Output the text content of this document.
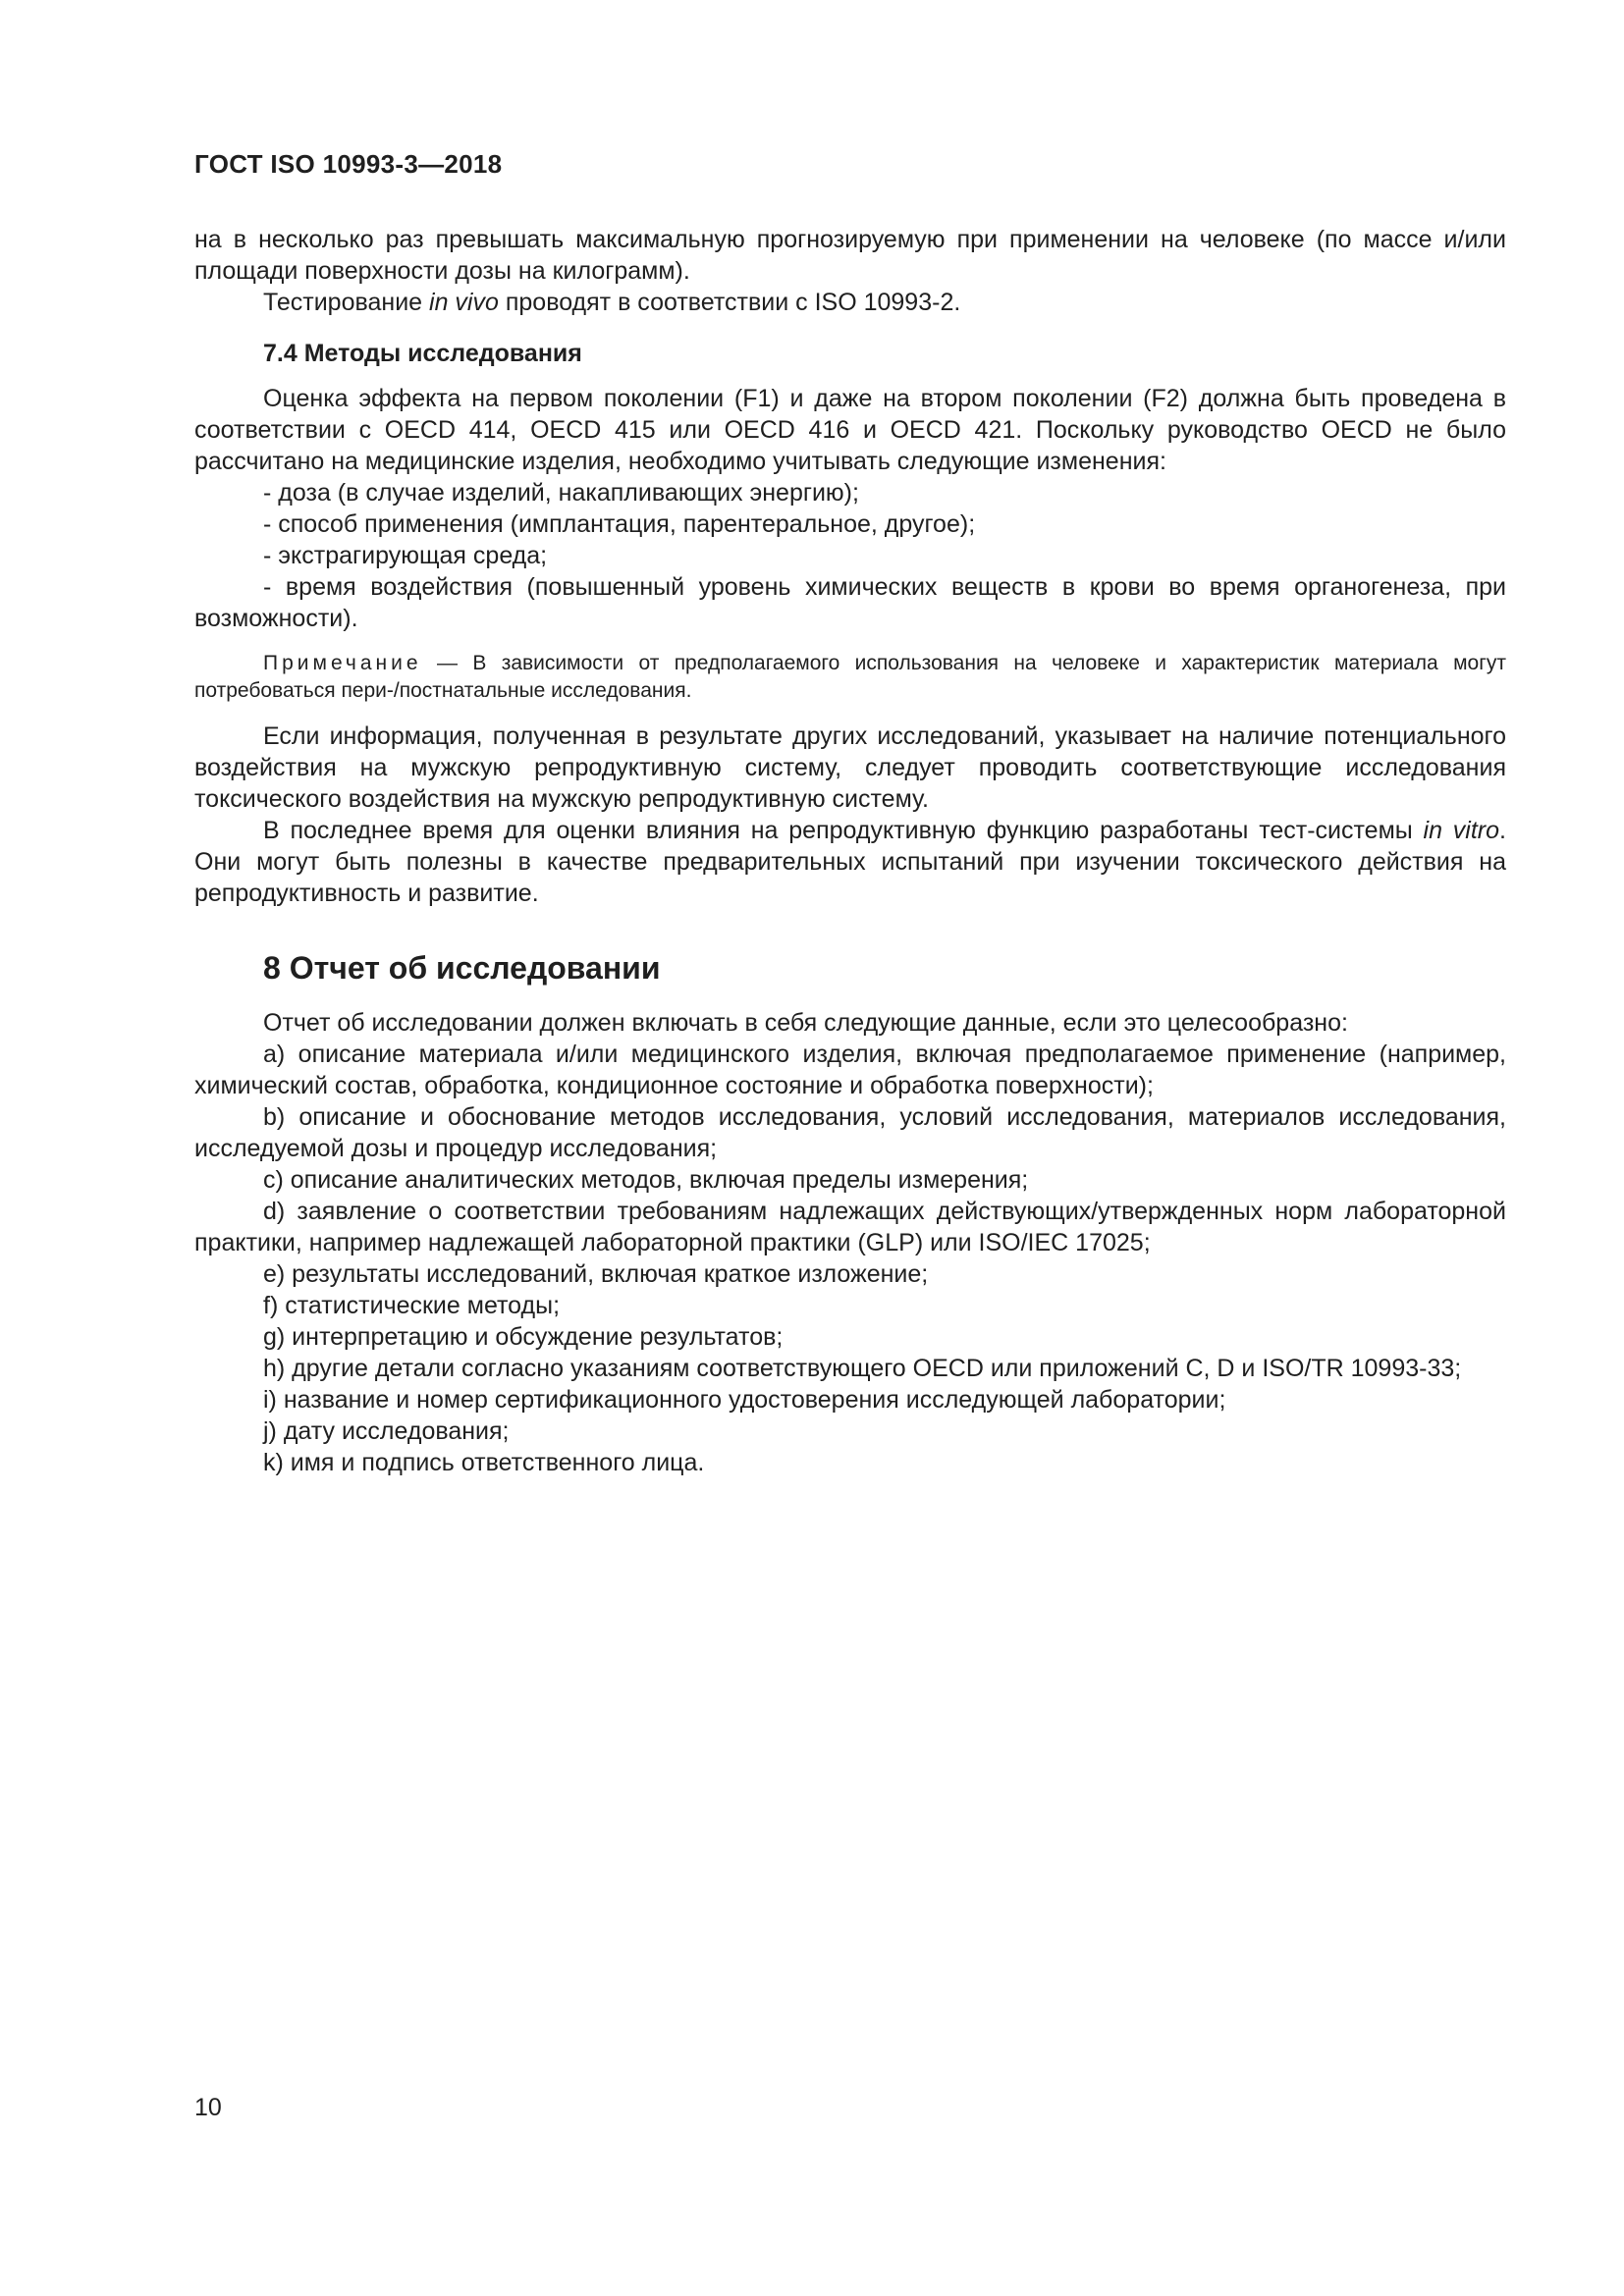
ГОСТ ISO 10993-3—2018

на в несколько раз превышать максимальную прогнозируемую при применении на человеке (по массе и/или площади поверхности дозы на килограмм).

Тестирование in vivo проводят в соответствии с ISO 10993-2.

7.4 Методы исследования

Оценка эффекта на первом поколении (F1) и даже на втором поколении (F2) должна быть проведена в соответствии с OECD 414, OECD 415 или OECD 416 и OECD 421. Поскольку руководство OECD не было рассчитано на медицинские изделия, необходимо учитывать следующие изменения:

- доза (в случае изделий, накапливающих энергию);

- способ применения (имплантация, парентеральное, другое);

- экстрагирующая среда;

- время воздействия (повышенный уровень химических веществ в крови во время органогенеза, при возможности).

Примечание — В зависимости от предполагаемого использования на человеке и характеристик материала могут потребоваться пери-/постнатальные исследования.

Если информация, полученная в результате других исследований, указывает на наличие потенциального воздействия на мужскую репродуктивную систему, следует проводить соответствующие исследования токсического воздействия на мужскую репродуктивную систему.

В последнее время для оценки влияния на репродуктивную функцию разработаны тест-системы in vitro. Они могут быть полезны в качестве предварительных испытаний при изучении токсического действия на репродуктивность и развитие.

8 Отчет об исследовании

Отчет об исследовании должен включать в себя следующие данные, если это целесообразно:

a) описание материала и/или медицинского изделия, включая предполагаемое применение (например, химический состав, обработка, кондиционное состояние и обработка поверхности);

b) описание и обоснование методов исследования, условий исследования, материалов исследования, исследуемой дозы и процедур исследования;

c) описание аналитических методов, включая пределы измерения;

d) заявление о соответствии требованиям надлежащих действующих/утвержденных норм лабораторной практики, например надлежащей лабораторной практики (GLP) или ISO/IEC 17025;

e) результаты исследований, включая краткое изложение;

f) статистические методы;

g) интерпретацию и обсуждение результатов;

h) другие детали согласно указаниям соответствующего OECD или приложений C, D и ISO/TR 10993-33;

i) название и номер сертификационного удостоверения исследующей лаборатории;

j) дату исследования;

k) имя и подпись ответственного лица.

10
